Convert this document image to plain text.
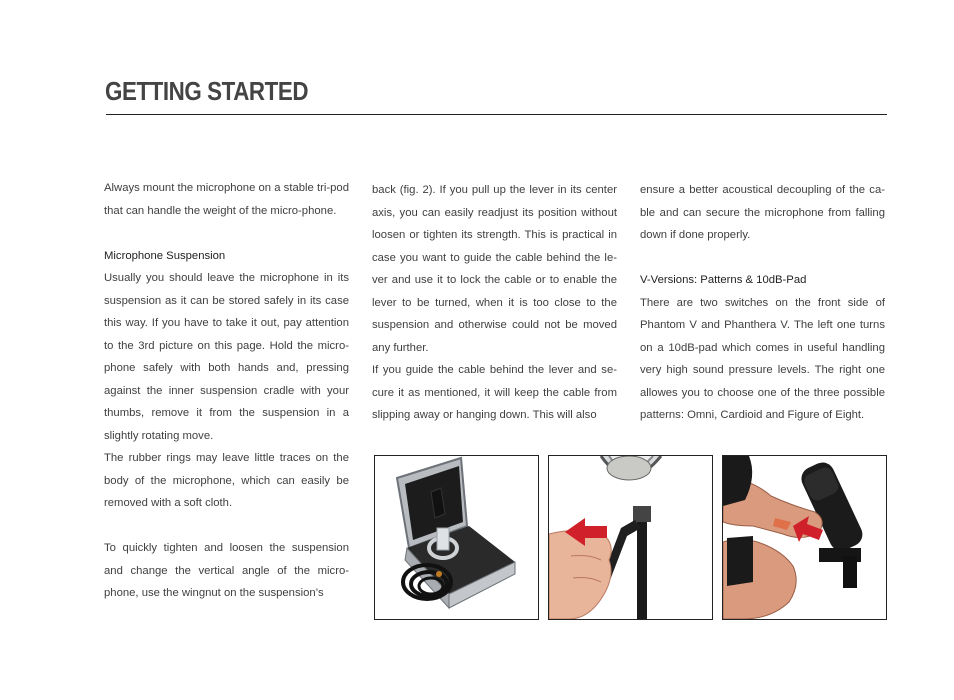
GETTING STARTED

Always mount the microphone on a stable tri-pod that can handle the weight of the micro-phone.

Microphone Suspension

Usually you should leave the microphone in its suspension as it can be stored safely in its case this way. If you have to take it out, pay attention to the 3rd picture on this page. Hold the micro-phone safely with both hands and, pressing against the inner suspension cradle with your thumbs, remove it from the suspension in a slightly rotating move.

The rubber rings may leave little traces on the body of the microphone, which can easily be removed with a soft cloth.

To quickly tighten and loosen the suspension and change the vertical angle of the micro-phone, use the wingnut on the suspension’s

back (fig. 2). If you pull up the lever in its center axis, you can easily readjust its position without loosen or tighten its strength. This is practical in case you want to guide the cable behind the le-ver and use it to lock the cable or to enable the lever to be turned, when it is too close to the suspension and otherwise could not be moved any further.

If you guide the cable behind the lever and se-cure it as mentioned, it will keep the cable from slipping away or hanging down. This will also

ensure a better acoustical decoupling of the ca-ble and can secure the microphone from falling down if done properly.

V-Versions: Patterns & 10dB-Pad

There are two switches on the front side of Phantom V and Phanthera V. The left one turns on a 10dB-pad which comes in useful handling very high sound pressure levels. The right one allowes you to choose one of the three possible patterns: Omni, Cardioid and Figure of Eight.
